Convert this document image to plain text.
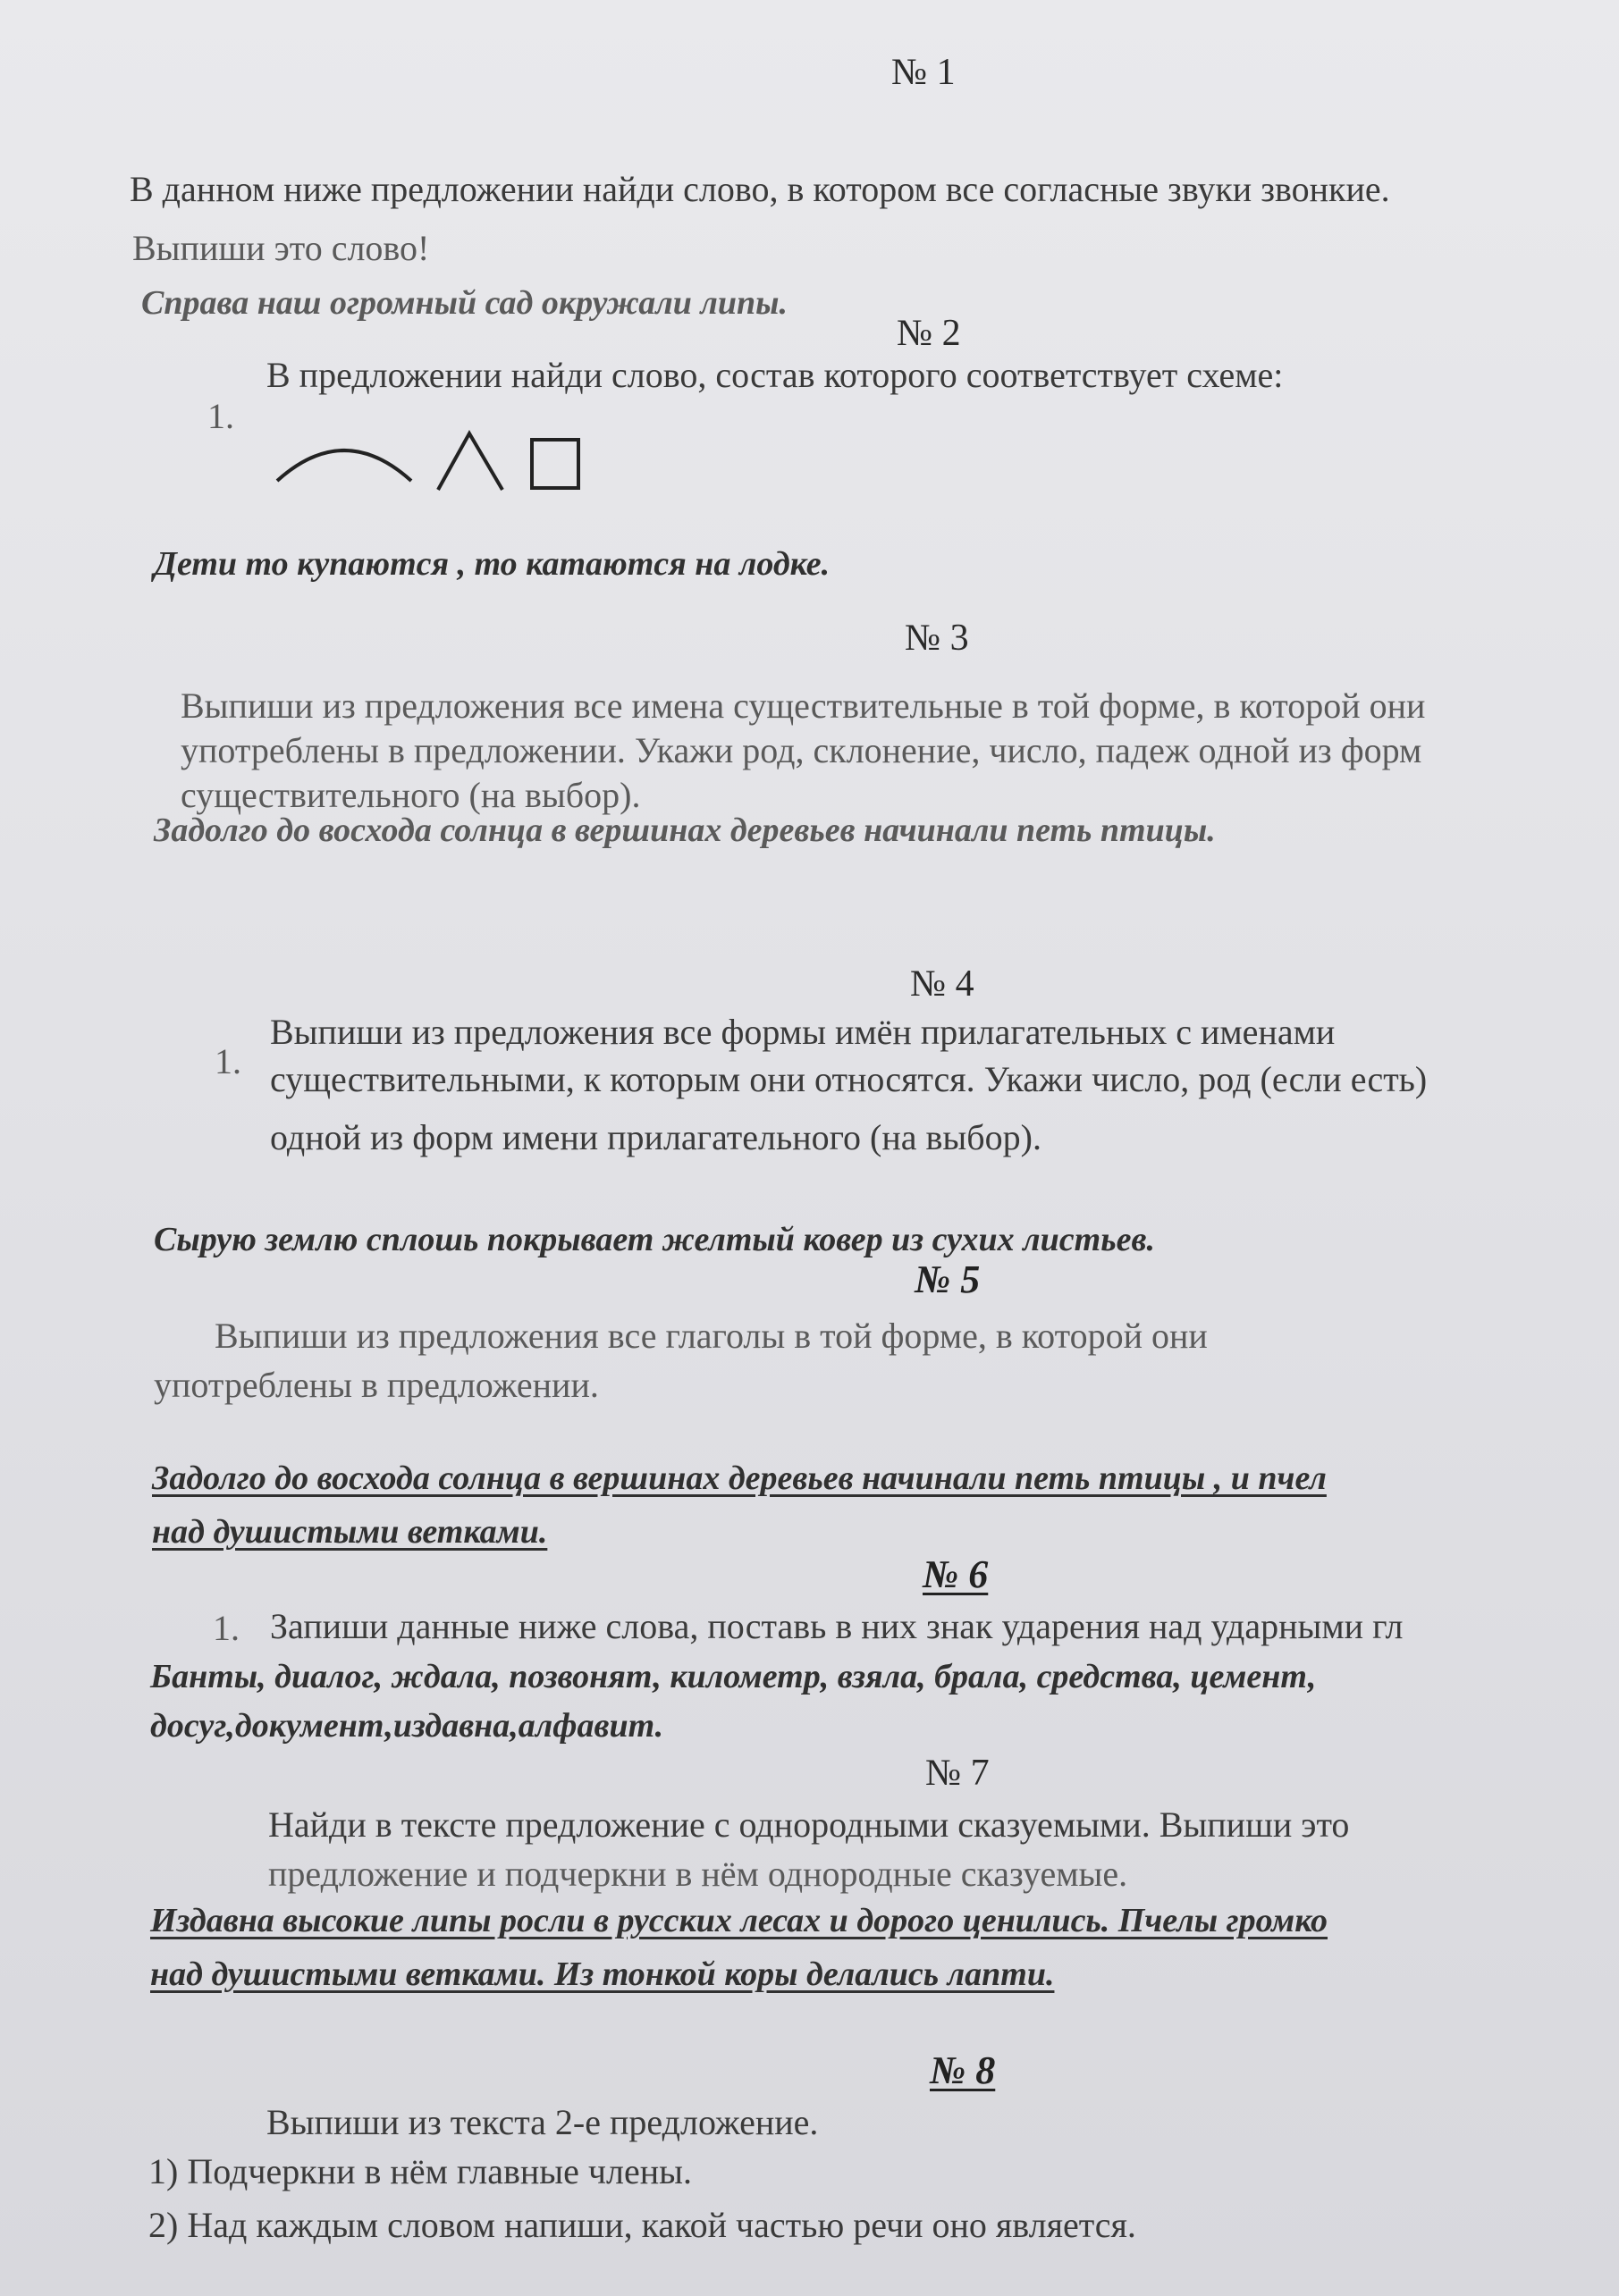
№ 1
В данном ниже предложении найди слово, в котором все согласные звуки звонкие.
Выпиши это слово!
Справа наш огромный сад окружали липы.
№ 2
1.
В предложении найди слово, состав которого соответствует схеме:
Дети то купаются , то катаются на лодке.
№ 3
Выпиши из предложения все имена существительные в той форме, в которой они
употреблены в предложении. Укажи род, склонение, число, падеж одной из форм
существительного (на выбор).
Задолго до восхода солнца в вершинах деревьев начинали петь птицы.
№ 4
1.
Выпиши из предложения все формы имён прилагательных с именами
существительными, к которым они относятся. Укажи число, род (если есть)
одной из форм имени прилагательного (на выбор).
Сырую землю сплошь покрывает желтый ковер из сухих листьев.
№ 5
Выпиши из предложения все глаголы в той форме, в которой они
употреблены в предложении.
Задолго до восхода солнца в вершинах деревьев начинали петь птицы , и пчел
над душистыми ветками.
№ 6
1. Запиши данные ниже слова, поставь в них знак ударения над ударными гл
Банты, диалог, ждала, позвонят, километр, взяла, брала, средства, цемент,
досуг,документ,издавна,алфавит.
№ 7
Найди в тексте предложение с однородными сказуемыми. Выпиши это
предложение и подчеркни в нём однородные сказуемые.
Издавна высокие липы росли в русских лесах и дорого ценились. Пчелы громко
над душистыми ветками. Из тонкой коры делались лапти.
№ 8
Выпиши из текста 2-е предложение.
1) Подчеркни в нём главные члены.
2) Над каждым словом напиши, какой частью речи оно является.
